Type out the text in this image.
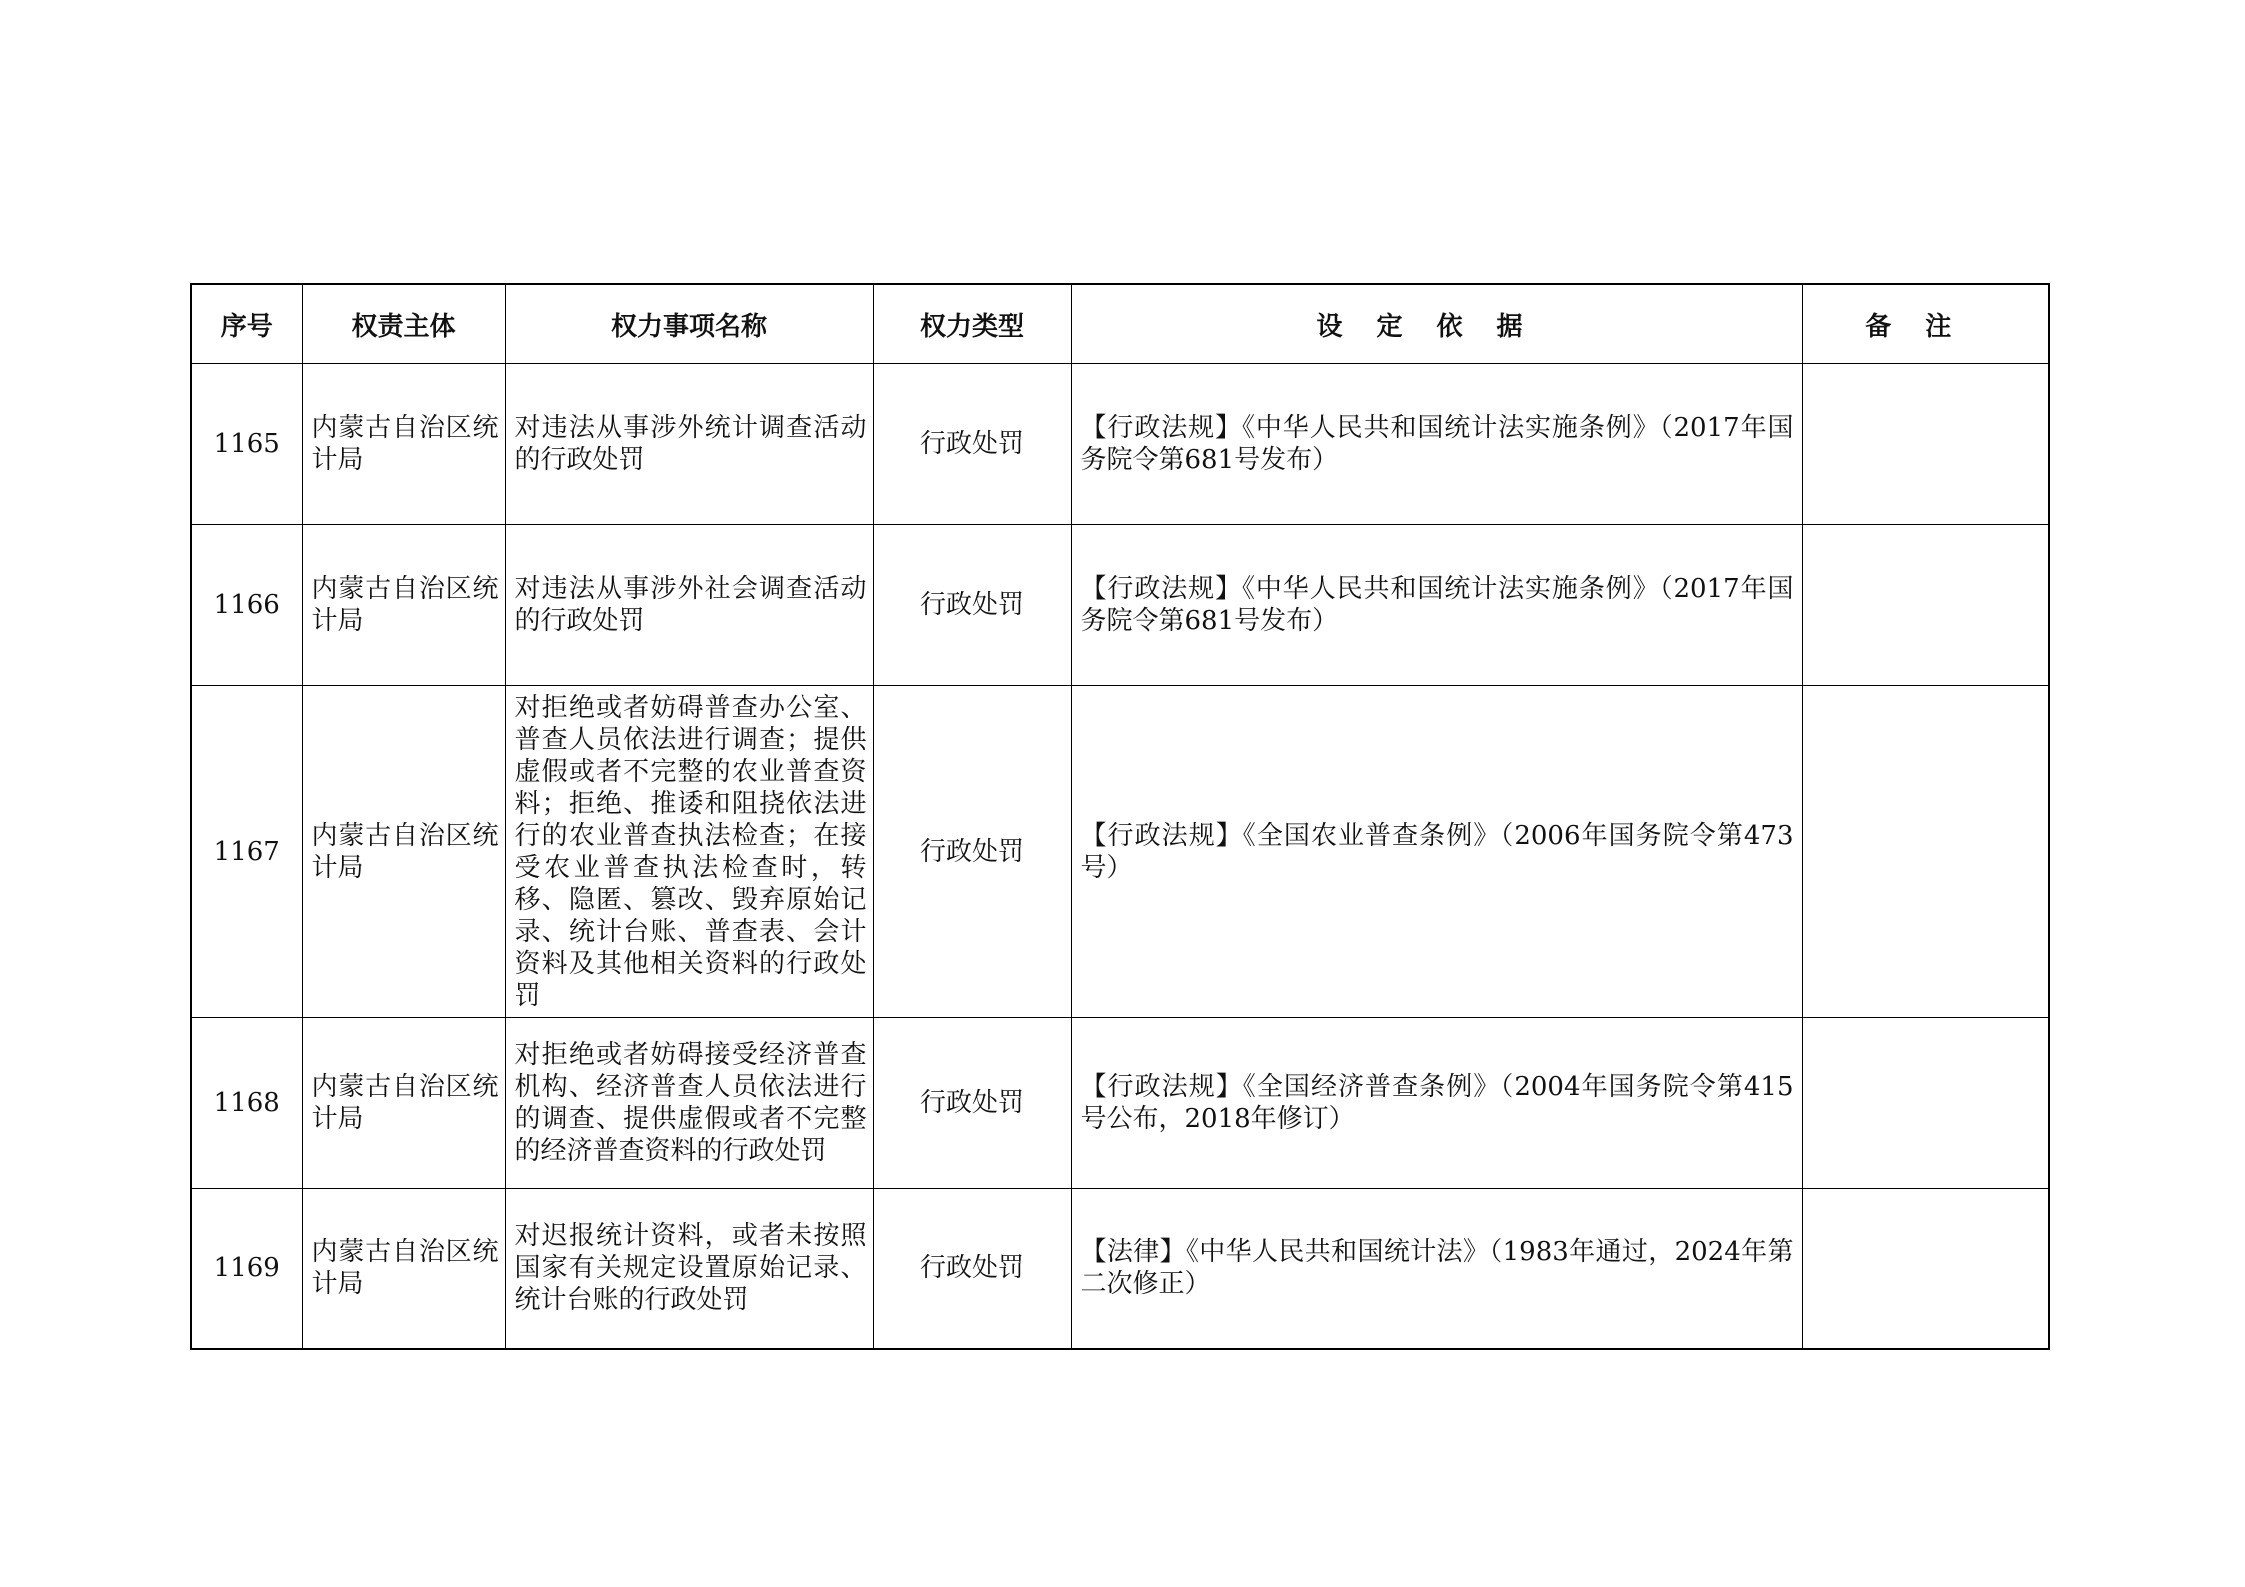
序号	权责主体	权力事项名称	权力类型	设定依据	备注
1165	内蒙古自治区统计局	对违法从事涉外统计调查活动的行政处罚	行政处罚	【行政法规】《中华人民共和国统计法实施条例》（2017年国务院令第681号发布）	
1166	内蒙古自治区统计局	对违法从事涉外社会调查活动的行政处罚	行政处罚	【行政法规】《中华人民共和国统计法实施条例》（2017年国务院令第681号发布）	
1167	内蒙古自治区统计局	对拒绝或者妨碍普查办公室、普查人员依法进行调查；提供虚假或者不完整的农业普查资料；拒绝、推诿和阻挠依法进行的农业普查执法检查；在接受农业普查执法检查时，转移、隐匿、篡改、毁弃原始记录、统计台账、普查表、会计资料及其他相关资料的行政处罚	行政处罚	【行政法规】《全国农业普查条例》（2006年国务院令第473号）	
1168	内蒙古自治区统计局	对拒绝或者妨碍接受经济普查机构、经济普查人员依法进行的调查、提供虚假或者不完整的经济普查资料的行政处罚	行政处罚	【行政法规】《全国经济普查条例》（2004年国务院令第415号公布，2018年修订）	
1169	内蒙古自治区统计局	对迟报统计资料，或者未按照国家有关规定设置原始记录、统计台账的行政处罚	行政处罚	【法律】《中华人民共和国统计法》（1983年通过，2024年第二次修正）	
